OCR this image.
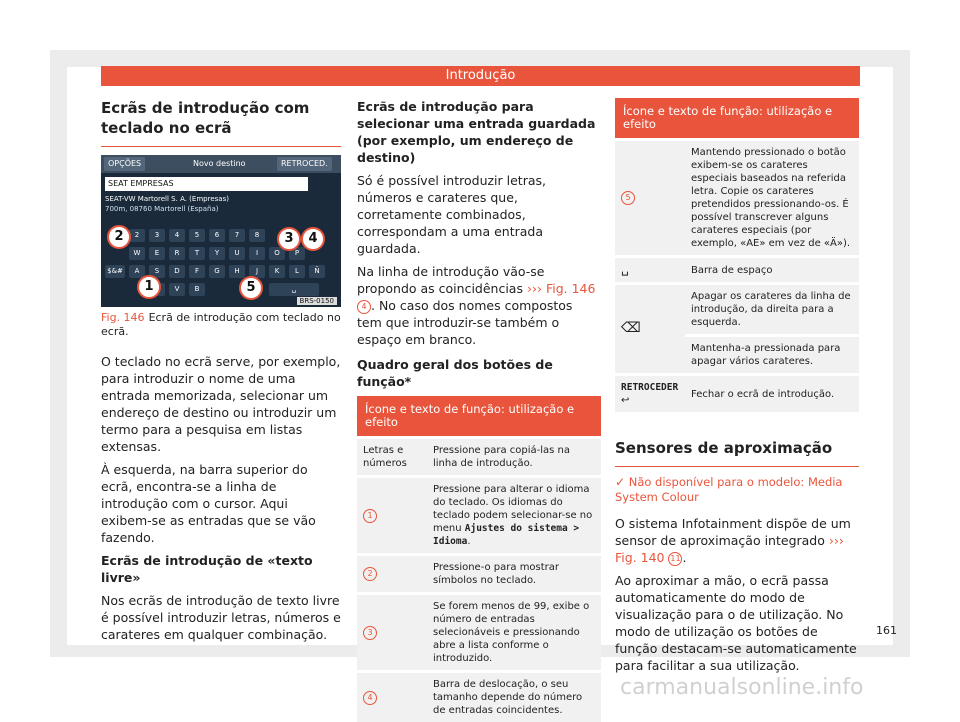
Introdução
Ecrãs de introdução com teclado no ecrã
OPÇÕES	Novo destino	RETROCED.
SEAT EMPRESAS
SEAT-VW Martorell S. A. (Empresas)
700m, 08760 Martorell (España)
2	3	4	5	6	7	8
W	E	R	T	Y	U	I	O	P
$&#	A	S	D	F	G	H	J	K	L	Ñ
V	B	␣
1
2	3	4
5
BRS-0150
Fig. 146 Ecrã de introdução com teclado no ecrã.

O teclado no ecrã serve, por exemplo, para introduzir o nome de uma entrada memorizada, selecionar um endereço de destino ou introduzir um termo para a pesquisa em listas extensas.

À esquerda, na barra superior do ecrã, encontra-se a linha de introdução com o cursor. Aqui exibem-se as entradas que se vão fazendo.

Ecrãs de introdução de «texto livre»

Nos ecrãs de introdução de texto livre é possível introduzir letras, números e carateres em qualquer combinação.

Ecrãs de introdução para selecionar uma entrada guardada (por exemplo, um endereço de destino)

Só é possível introduzir letras, números e carateres que, corretamente combinados, correspondam a uma entrada guardada.

Na linha de introdução vão-se propondo as coincidências ››› Fig. 146 4 . No caso dos nomes compostos tem que introduzir-se também o espaço em branco.

Quadro geral dos botões de função*

Ícone e texto de função: utilização e efeito	
Letras e números	Pressione para copiá-las na linha de introdução.
1	Pressione para alterar o idioma do teclado. Os idiomas do teclado podem selecionar-se no menu Ajustes do sistema > Idioma.
2	Pressione-o para mostrar símbolos no teclado.
3	Se forem menos de 99, exibe o número de entradas selecionáveis e pressionando abre a lista conforme o introduzido.
4	Barra de deslocação, o seu tamanho depende do número de entradas coincidentes.
Ícone e texto de função: utilização e efeito	
5	Mantendo pressionado o botão exibem-se os carateres especiais baseados na referida letra. Copie os carateres pretendidos pressionando-os. É possível transcrever alguns carateres especiais (por exemplo, «AE» em vez de «Ä»).
␣	Barra de espaço
⌫	Apagar os carateres da linha de introdução, da direita para a esquerda.
	Mantenha-a pressionada para apagar vários carateres.
RETROCEDER ↩	Fechar o ecrã de introdução.
Sensores de aproximação
✓ Não disponível para o modelo: Media System Colour

O sistema Infotainment dispõe de um sensor de aproximação integrado ››› Fig. 140 11 .

Ao aproximar a mão, o ecrã passa automaticamente do modo de visualização para o de utilização. No modo de utilização os botões de função destacam-se automaticamente para facilitar a sua utilização.

161
carmanualsonline.info
